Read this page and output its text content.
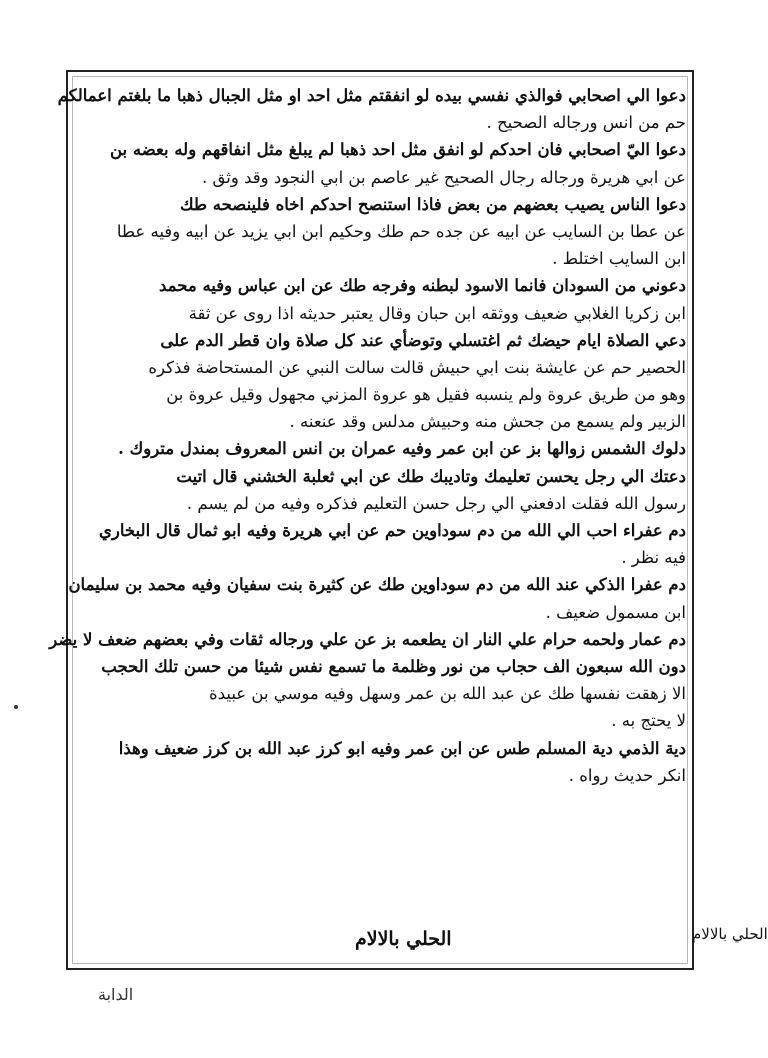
دعوا الي اصحابي فوالذي نفسي بيده لو انفقتم مثل احد او مثل الجبال ذهبا ما بلغتم اعمالكم
حم من انس ورجاله الصحيح .
دعوا اليّ اصحابي فان احدكم لو انفق مثل احد ذهبا لم يبلغ مثل انفاقهم وله بعضه بن
عن ابي هريرة ورجاله رجال الصحيح غير عاصم بن ابي النجود وقد وثق .
دعوا الناس يصيب بعضهم من بعض فاذا استنصح احدكم اخاه فلينصحه طك
عن عطا بن السايب عن ابيه عن جده حم طك وحكيم ابن ابي يزيد عن ابيه وفيه عطا
ابن السايب اختلط .
دعوني من السودان فانما الاسود لبطنه وفرجه طك عن ابن عباس وفيه محمد
ابن زكريا الغلابي ضعيف ووثقه ابن حبان وقال يعتبر حديثه اذا روى عن ثقة
دعي الصلاة ايام حيضك ثم اغتسلي وتوضأي عند كل صلاة وان قطر الدم على
الحصير حم عن عايشة بنت ابي حبيش قالت سالت النبي عن المستحاضة فذكره
وهو من طريق عروة ولم ينسبه فقيل هو عروة المزني مجهول وقيل عروة بن
الزبير ولم يسمع من جحش منه وحبيش مدلس وقد عنعنه .
دلوك الشمس زوالها بز عن ابن عمر وفيه عمران بن انس المعروف بمندل متروك .
دعتك الي رجل يحسن تعليمك وتاديبك طك عن ابي ثعلبة الخشني قال اتيت
رسول الله فقلت ادفعني الي رجل حسن التعليم فذكره وفيه من لم يسم .
دم عفراء احب الي الله من دم سوداوين حم عن ابي هريرة وفيه ابو ثمال قال البخاري
فيه نظر .
دم عفرا الذكي عند الله من دم سوداوين طك عن كثيرة بنت سفيان وفيه محمد بن سليمان
ابن مسمول ضعيف .
دم عمار ولحمه حرام علي النار ان يطعمه بز عن علي ورجاله ثقات وفي بعضهم ضعف لا يضر
دون الله سبعون الف حجاب من نور وظلمة ما تسمع نفس شيئا من حسن تلك الحجب
الا زهقت نفسها طك عن عبد الله بن عمر وسهل وفيه موسي بن عبيدة
لا يحتج به .
دية الذمي دية المسلم طس عن ابن عمر وفيه ابو كرز عبد الله بن كرز ضعيف وهذا
انكر حديث رواه .
الحلي بالالام	الحلي بالالام
الدابة
